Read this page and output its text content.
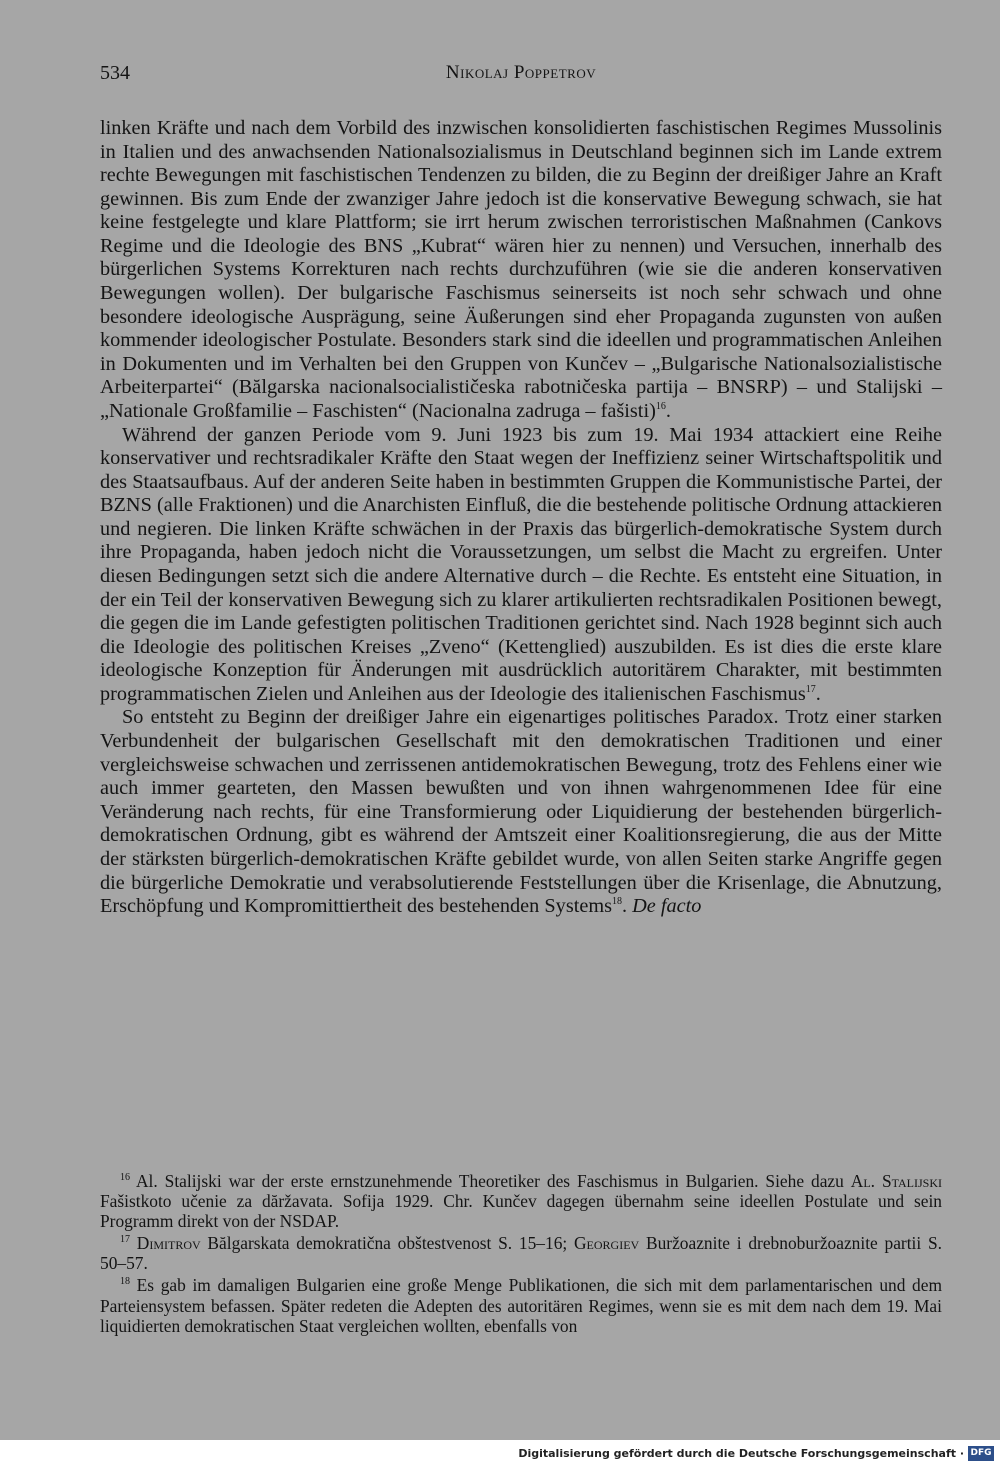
534	Nikolaj Poppetrov

linken Kräfte und nach dem Vorbild des inzwischen konsolidierten faschistischen Regimes Mussolinis in Italien und des anwachsenden Nationalsozialismus in Deutschland beginnen sich im Lande extrem rechte Bewegungen mit faschistischen Tendenzen zu bilden, die zu Beginn der dreißiger Jahre an Kraft gewinnen. Bis zum Ende der zwanziger Jahre jedoch ist die konservative Bewegung schwach, sie hat keine festgelegte und klare Plattform; sie irrt herum zwischen terroristischen Maßnahmen (Cankovs Regime und die Ideologie des BNS „Kubrat“ wären hier zu nennen) und Versuchen, innerhalb des bürgerlichen Systems Korrekturen nach rechts durchzuführen (wie sie die anderen konservativen Bewegungen wollen). Der bulgarische Faschismus seinerseits ist noch sehr schwach und ohne besondere ideologische Ausprägung, seine Äußerungen sind eher Propaganda zugunsten von außen kommender ideologischer Postulate. Besonders stark sind die ideellen und programmatischen Anleihen in Dokumenten und im Verhalten bei den Gruppen von Kunčev – „Bulgarische Nationalsozialistische Arbeiterpartei“ (Bălgarska nacionalsocialističeska rabotničeska partija – BNSRP) – und Stalijski – „Nationale Großfamilie – Faschisten“ (Nacionalna zadruga – fašisti)$^{16}$.

Während der ganzen Periode vom 9. Juni 1923 bis zum 19. Mai 1934 attackiert eine Reihe konservativer und rechtsradikaler Kräfte den Staat wegen der Ineffizienz seiner Wirtschaftspolitik und des Staatsaufbaus. Auf der anderen Seite haben in bestimmten Gruppen die Kommunistische Partei, der BZNS (alle Fraktionen) und die Anarchisten Einfluß, die die bestehende politische Ordnung attackieren und negieren. Die linken Kräfte schwächen in der Praxis das bürgerlich-demokratische System durch ihre Propaganda, haben jedoch nicht die Voraussetzungen, um selbst die Macht zu ergreifen. Unter diesen Bedingungen setzt sich die andere Alternative durch – die Rechte. Es entsteht eine Situation, in der ein Teil der konservativen Bewegung sich zu klarer artikulierten rechtsradikalen Positionen bewegt, die gegen die im Lande gefestigten politischen Traditionen gerichtet sind. Nach 1928 beginnt sich auch die Ideologie des politischen Kreises „Zveno“ (Kettenglied) auszubilden. Es ist dies die erste klare ideologische Konzeption für Änderungen mit ausdrücklich autoritärem Charakter, mit bestimmten programmatischen Zielen und Anleihen aus der Ideologie des italienischen Faschismus$^{17}$.

So entsteht zu Beginn der dreißiger Jahre ein eigenartiges politisches Paradox. Trotz einer starken Verbundenheit der bulgarischen Gesellschaft mit den demokratischen Traditionen und einer vergleichsweise schwachen und zerrissenen antidemokratischen Bewegung, trotz des Fehlens einer wie auch immer gearteten, den Massen bewußten und von ihnen wahrgenommenen Idee für eine Veränderung nach rechts, für eine Transformierung oder Liquidierung der bestehenden bürgerlich-demokratischen Ordnung, gibt es während der Amtszeit einer Koalitionsregierung, die aus der Mitte der stärksten bürgerlich-demokratischen Kräfte gebildet wurde, von allen Seiten starke Angriffe gegen die bürgerliche Demokratie und verabsolutierende Feststellungen über die Krisenlage, die Abnutzung, Erschöpfung und Kompromittiertheit des bestehenden Systems$^{18}$. De facto

$^{16}$ Al. Stalijski war der erste ernstzunehmende Theoretiker des Faschismus in Bulgarien. Siehe dazu Al. Stalijski Fašistkoto učenie za dăržavata. Sofija 1929. Chr. Kunčev dagegen übernahm seine ideellen Postulate und sein Programm direkt von der NSDAP.

$^{17}$ Dimitrov Bălgarskata demokratična obštestvenost S. 15–16; Georgiev Buržoaznite i drebnoburžoaznite partii S. 50–57.

$^{18}$ Es gab im damaligen Bulgarien eine große Menge Publikationen, die sich mit dem parlamentarischen und dem Parteiensystem befassen. Später redeten die Adepten des autoritären Regimes, wenn sie es mit dem nach dem 19. Mai liquidierten demokratischen Staat vergleichen wollten, ebenfalls von

Digitalisierung gefördert durch die Deutsche Forschungsgemeinschaft · DFG
